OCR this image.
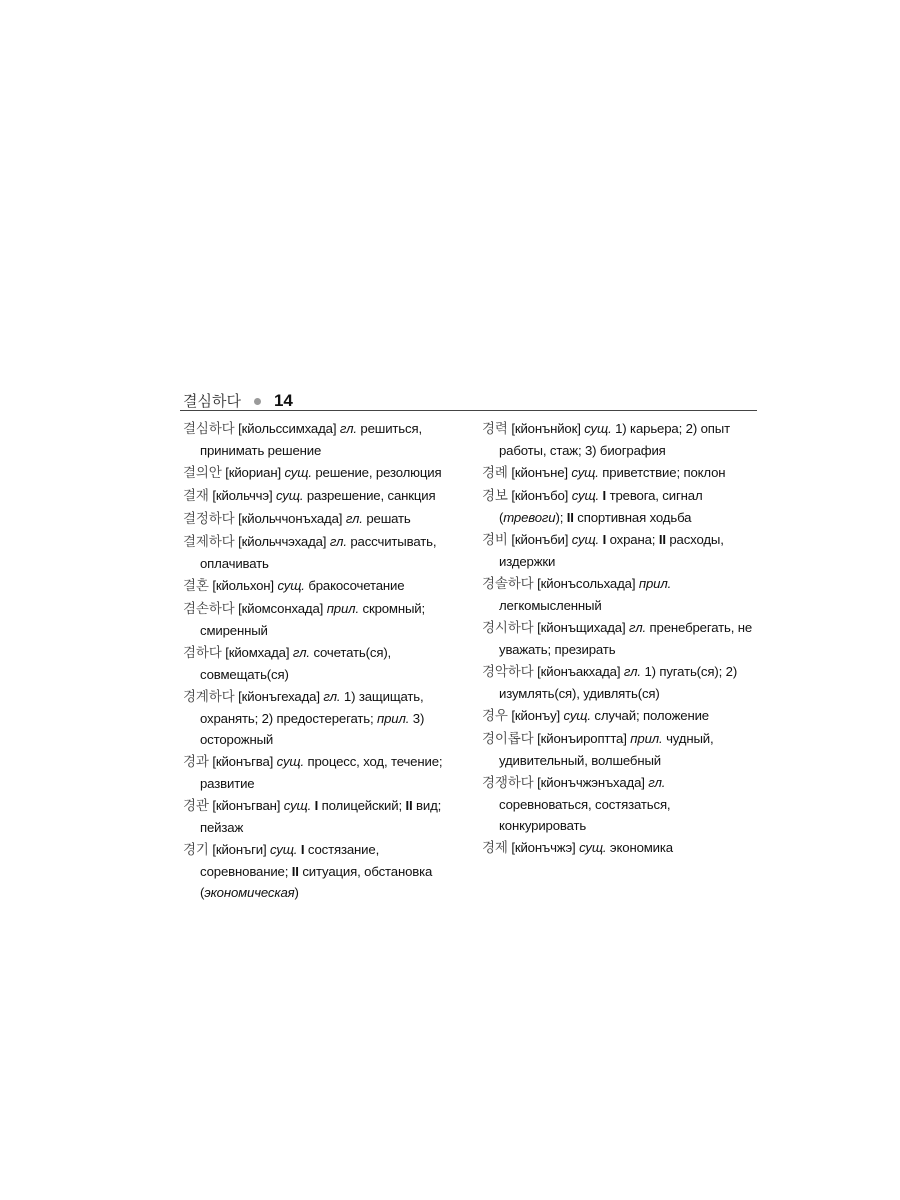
결심하다 14
결심하다 [кйольссимхада] гл. решиться, принимать решение
결의안 [кйориан] сущ. решение, резолюция
결재 [кйольччэ] сущ. разрешение, санкция
결정하다 [кйольччонъхада] гл. решать
결제하다 [кйольччэхада] гл. рассчитывать, оплачивать
결혼 [кйольхон] сущ. бракосочетание
겸손하다 [кйомсонхада] прил. скромный; смиренный
겸하다 [кйомхада] гл. сочетать(ся), совмещать(ся)
경계하다 [кйонъгехада] гл. 1) защищать, охранять; 2) предостерегать; прил. 3) осторожный
경과 [кйонъгва] сущ. процесс, ход, течение; развитие
경관 [кйонъгван] сущ. I полицейский; II вид; пейзаж
경기 [кйонъги] сущ. I состязание, соревнование; II ситуация, обстановка (экономическая)
경력 [кйонънйок] сущ. 1) карьера; 2) опыт работы, стаж; 3) биография
경례 [кйонъне] сущ. приветствие; поклон
경보 [кйонъбо] сущ. I тревога, сигнал (тревоги); II спортивная ходьба
경비 [кйонъби] сущ. I охрана; II расходы, издержки
경솔하다 [кйонъсольхада] прил. легкомысленный
경시하다 [кйонъщихада] гл. пренебрегать, не уважать; презирать
경악하다 [кйонъакхада] гл. 1) пугать(ся); 2) изумлять(ся), удивлять(ся)
경우 [кйонъу] сущ. случай; положение
경이롭다 [кйонъироптта] прил. чудный, удивительный, волшебный
경쟁하다 [кйонъчжэнъхада] гл. соревноваться, состязаться, конкурировать
경제 [кйонъчжэ] сущ. экономика
